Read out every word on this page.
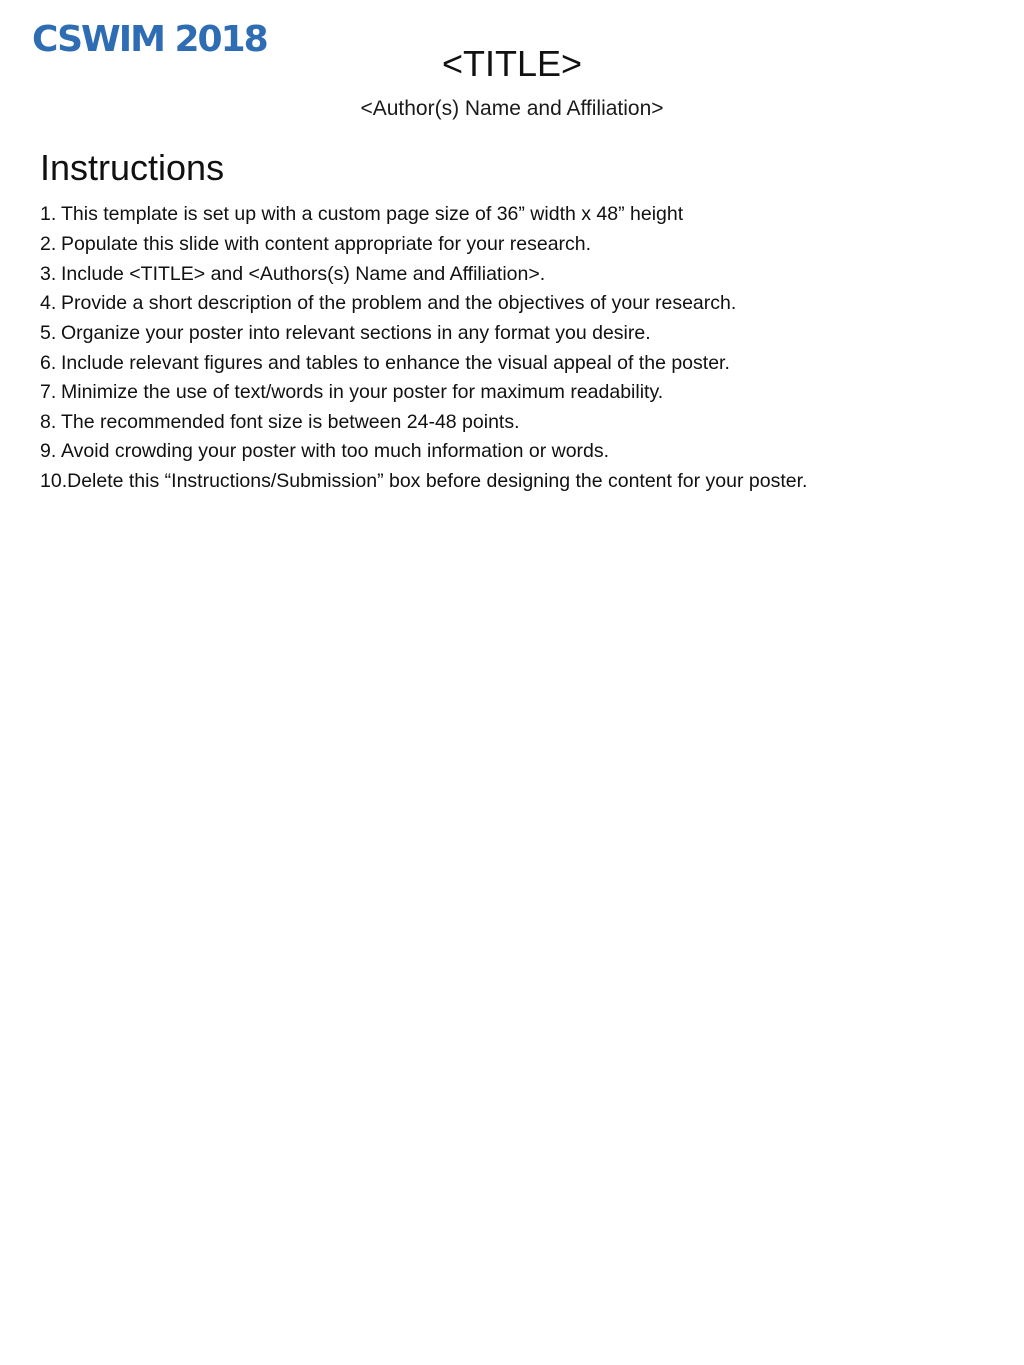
CSWIM 2018
<TITLE>
<Author(s) Name and Affiliation>
Instructions
1. This template is set up with a custom page size of 36” width x 48” height
2. Populate this slide with content appropriate for your research.
3. Include <TITLE> and <Authors(s) Name and Affiliation>.
4. Provide a short description of the problem and the objectives of your research.
5. Organize your poster into relevant sections in any format you desire.
6. Include relevant figures and tables to enhance the visual appeal of the poster.
7. Minimize the use of text/words in your poster for maximum readability.
8. The recommended font size is between 24-48 points.
9. Avoid crowding your poster with too much information or words.
10. Delete this “Instructions/Submission” box before designing the content for your poster.
